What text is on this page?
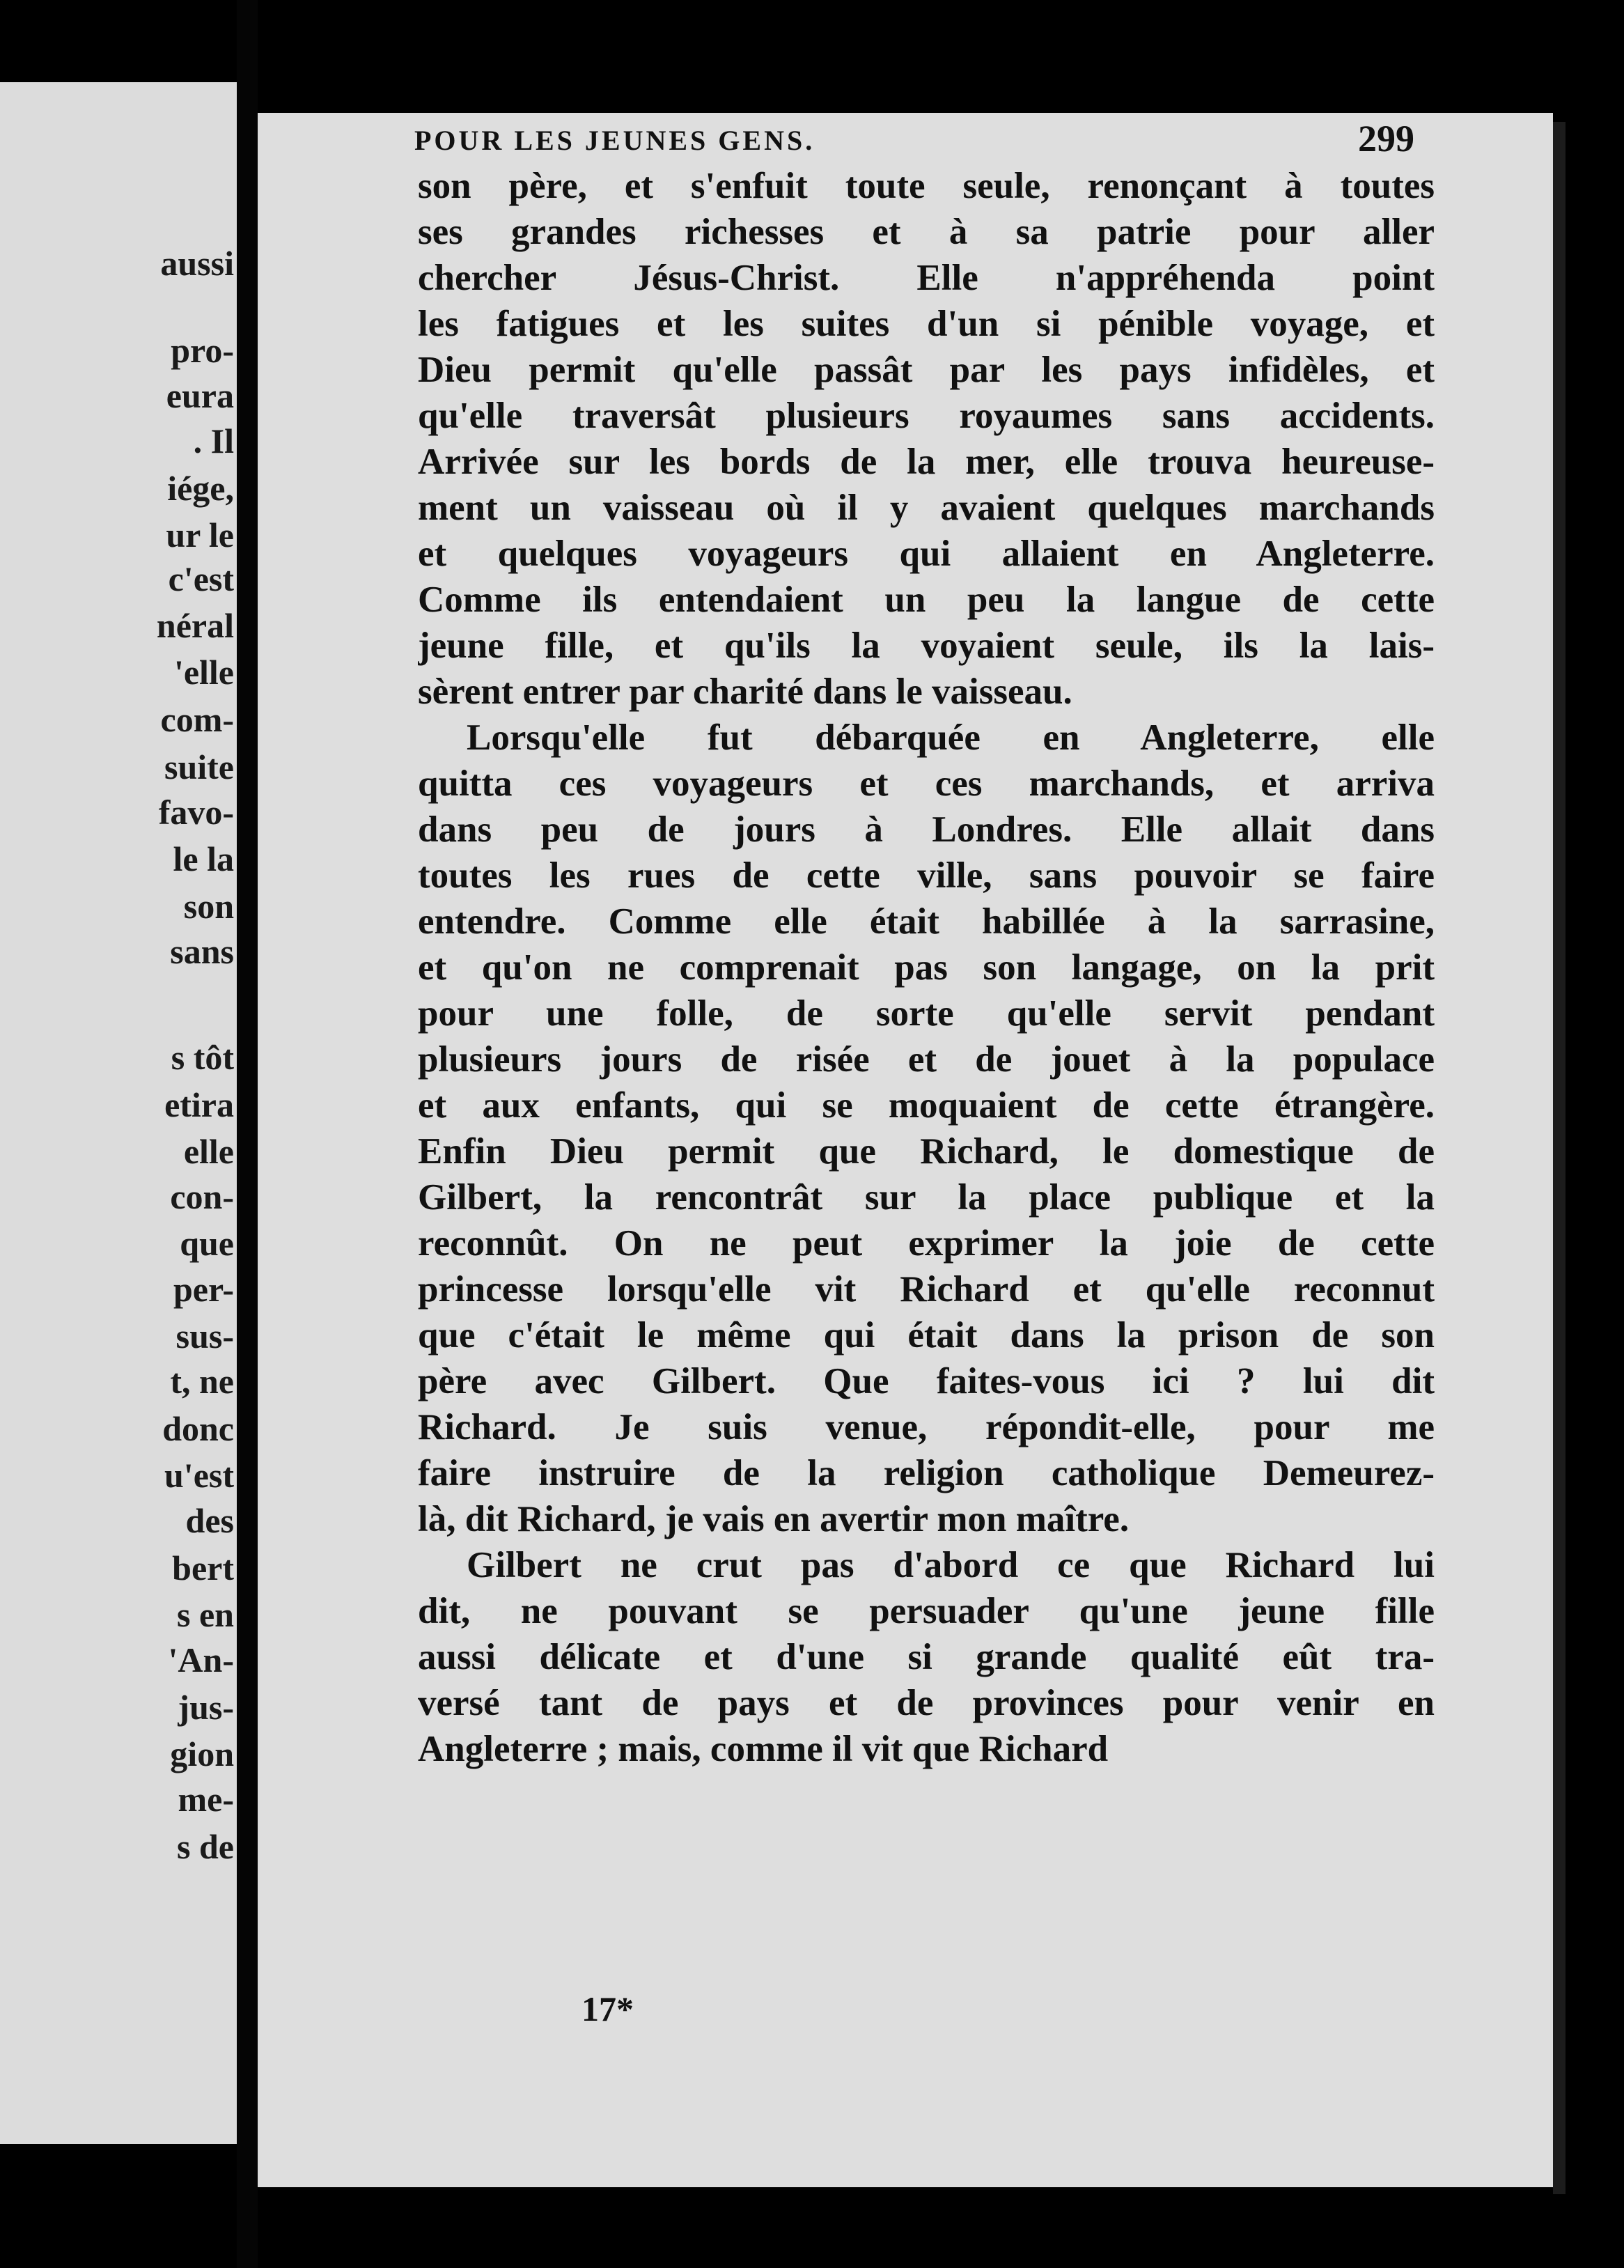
aussi
pro-
eura
. Il
iége,
ur le
c'est
néral
'elle
com-
suite
favo-
le la
son
sans
s tôt
etira
elle
con-
que
per-
sus-
t, ne
donc
u'est
des
bert
s en
'An-
jus-
gion
me-
s de
POUR LES JEUNES GENS.	299
son père, et s'enfuit toute seule, renonçant à toutes
ses grandes richesses et à sa patrie pour aller
chercher Jésus-Christ. Elle n'appréhenda point
les fatigues et les suites d'un si pénible voyage, et
Dieu permit qu'elle passât par les pays infidèles, et
qu'elle traversât plusieurs royaumes sans accidents.
Arrivée sur les bords de la mer, elle trouva heureuse-
ment un vaisseau où il y avaient quelques marchands
et quelques voyageurs qui allaient en Angleterre.
Comme ils entendaient un peu la langue de cette
jeune fille, et qu'ils la voyaient seule, ils la lais-
sèrent entrer par charité dans le vaisseau.
Lorsqu'elle fut débarquée en Angleterre, elle
quitta ces voyageurs et ces marchands, et arriva
dans peu de jours à Londres. Elle allait dans
toutes les rues de cette ville, sans pouvoir se faire
entendre. Comme elle était habillée à la sarrasine,
et qu'on ne comprenait pas son langage, on la prit
pour une folle, de sorte qu'elle servit pendant
plusieurs jours de risée et de jouet à la populace
et aux enfants, qui se moquaient de cette étrangère.
Enfin Dieu permit que Richard, le domestique de
Gilbert, la rencontrât sur la place publique et la
reconnût. On ne peut exprimer la joie de cette
princesse lorsqu'elle vit Richard et qu'elle reconnut
que c'était le même qui était dans la prison de son
père avec Gilbert. Que faites-vous ici ? lui dit
Richard. Je suis venue, répondit-elle, pour me
faire instruire de la religion catholique Demeurez-
là, dit Richard, je vais en avertir mon maître.
Gilbert ne crut pas d'abord ce que Richard lui
dit, ne pouvant se persuader qu'une jeune fille
aussi délicate et d'une si grande qualité eût tra-
versé tant de pays et de provinces pour venir en
Angleterre ; mais, comme il vit que Richard
17*
